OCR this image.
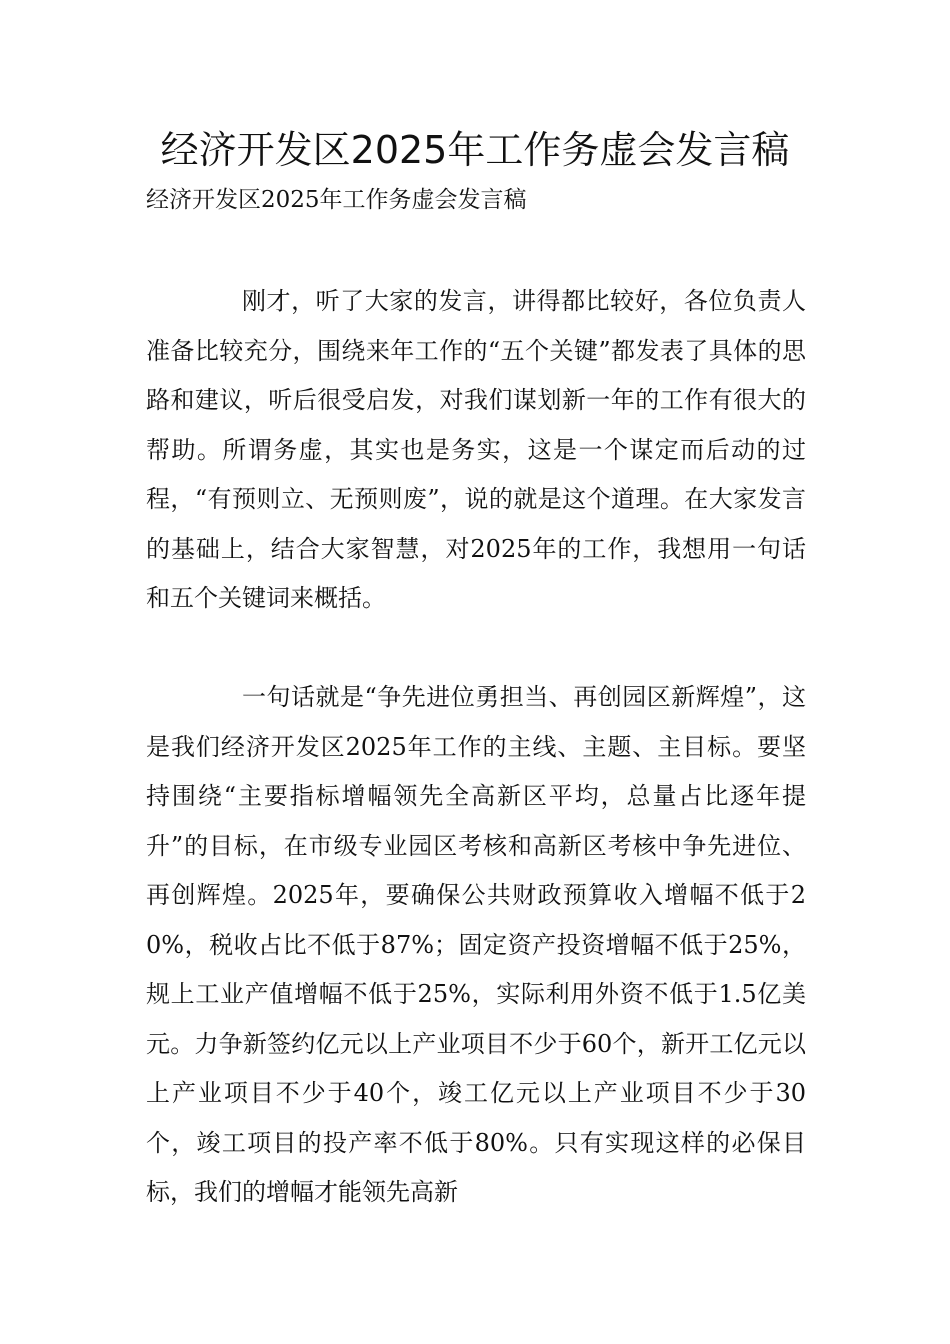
经济开发区2025年工作务虚会发言稿

经济开发区2025年工作务虚会发言稿

刚才，听了大家的发言，讲得都比较好，各位负责人准备比较充分，围绕来年工作的“五个关键”都发表了具体的思路和建议，听后很受启发，对我们谋划新一年的工作有很大的帮助。所谓务虚，其实也是务实，这是一个谋定而后动的过程，“有预则立、无预则废”，说的就是这个道理。在大家发言的基础上，结合大家智慧，对2025年的工作，我想用一句话和五个关键词来概括。

一句话就是“争先进位勇担当、再创园区新辉煌”，这是我们经济开发区2025年工作的主线、主题、主目标。要坚持围绕“主要指标增幅领先全高新区平均，总量占比逐年提升”的目标，在市级专业园区考核和高新区考核中争先进位、再创辉煌。2025年，要确保公共财政预算收入增幅不低于20%，税收占比不低于87%；固定资产投资增幅不低于25%，规上工业产值增幅不低于25%，实际利用外资不低于1.5亿美元。力争新签约亿元以上产业项目不少于60个，新开工亿元以上产业项目不少于40个，竣工亿元以上产业项目不少于30个，竣工项目的投产率不低于80%。只有实现这样的必保目标，我们的增幅才能领先高新
